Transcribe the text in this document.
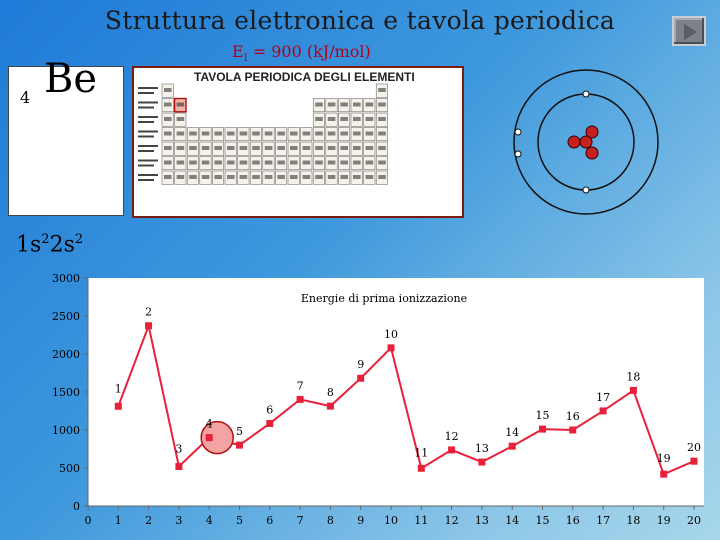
Struttura elettronica e tavola periodica
$E_I = 900$ (kJ/mol)
4 Be	TAVOLA PERIODICA DEGLI ELEMENTI
$1s^22s^2$
0
500
1000
1500
2000
2500
3000
0 1 2 3 4 5 6 7 8 9 10 11 12 13 14 15 16 17 18 19 20
Energie di prima ionizzazione
1
2
3
4
5
6
7
8
9
10
11
12
13
14
15 16
17
18
19
20
